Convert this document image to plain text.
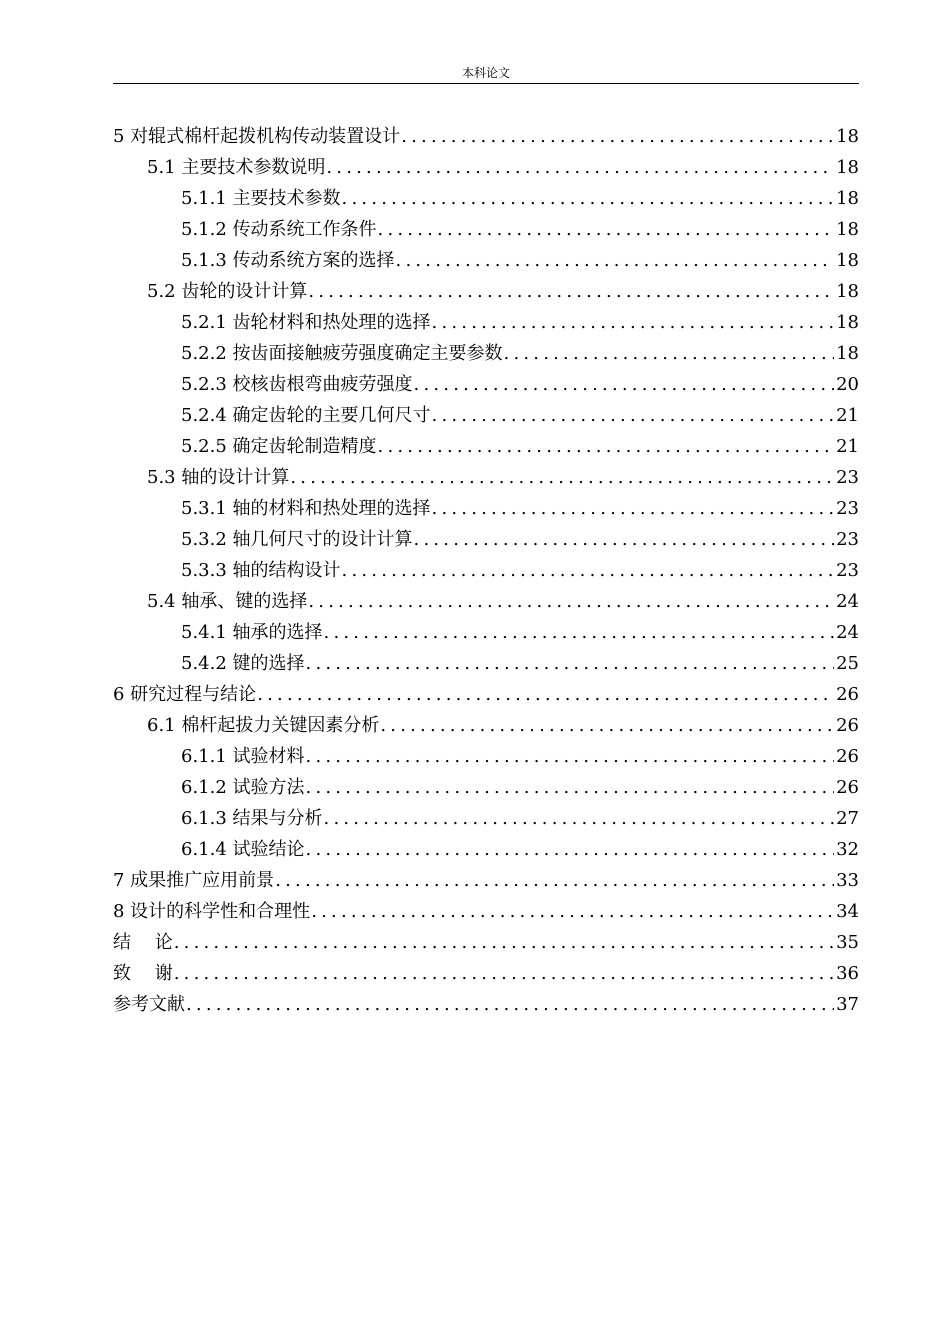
本科论文
5 对辊式棉杆起拨机构传动装置设计 .....	18
5.1 主要技术参数说明 .....	18
5.1.1 主要技术参数 .....	18
5.1.2 传动系统工作条件 .....	18
5.1.3 传动系统方案的选择 .....	18
5.2 齿轮的设计计算 .....	18
5.2.1 齿轮材料和热处理的选择 .....	18
5.2.2 按齿面接触疲劳强度确定主要参数 .....	18
5.2.3 校核齿根弯曲疲劳强度 .....	20
5.2.4 确定齿轮的主要几何尺寸 .....	21
5.2.5 确定齿轮制造精度 .....	21
5.3 轴的设计计算 .....	23
5.3.1 轴的材料和热处理的选择 .....	23
5.3.2 轴几何尺寸的设计计算 .....	23
5.3.3 轴的结构设计 .....	23
5.4 轴承、键的选择 .....	24
5.4.1 轴承的选择 .....	24
5.4.2 键的选择 .....	25
6 研究过程与结论 .....	26
6.1 棉杆起拔力关键因素分析 .....	26
6.1.1 试验材料 .....	26
6.1.2 试验方法 .....	26
6.1.3 结果与分析 .....	27
6.1.4 试验结论 .....	32
7 成果推广应用前景 .....	33
8 设计的科学性和合理性 .....	34
结　 论 .....	35
致　 谢 .....	36
参考文献 .....	37
